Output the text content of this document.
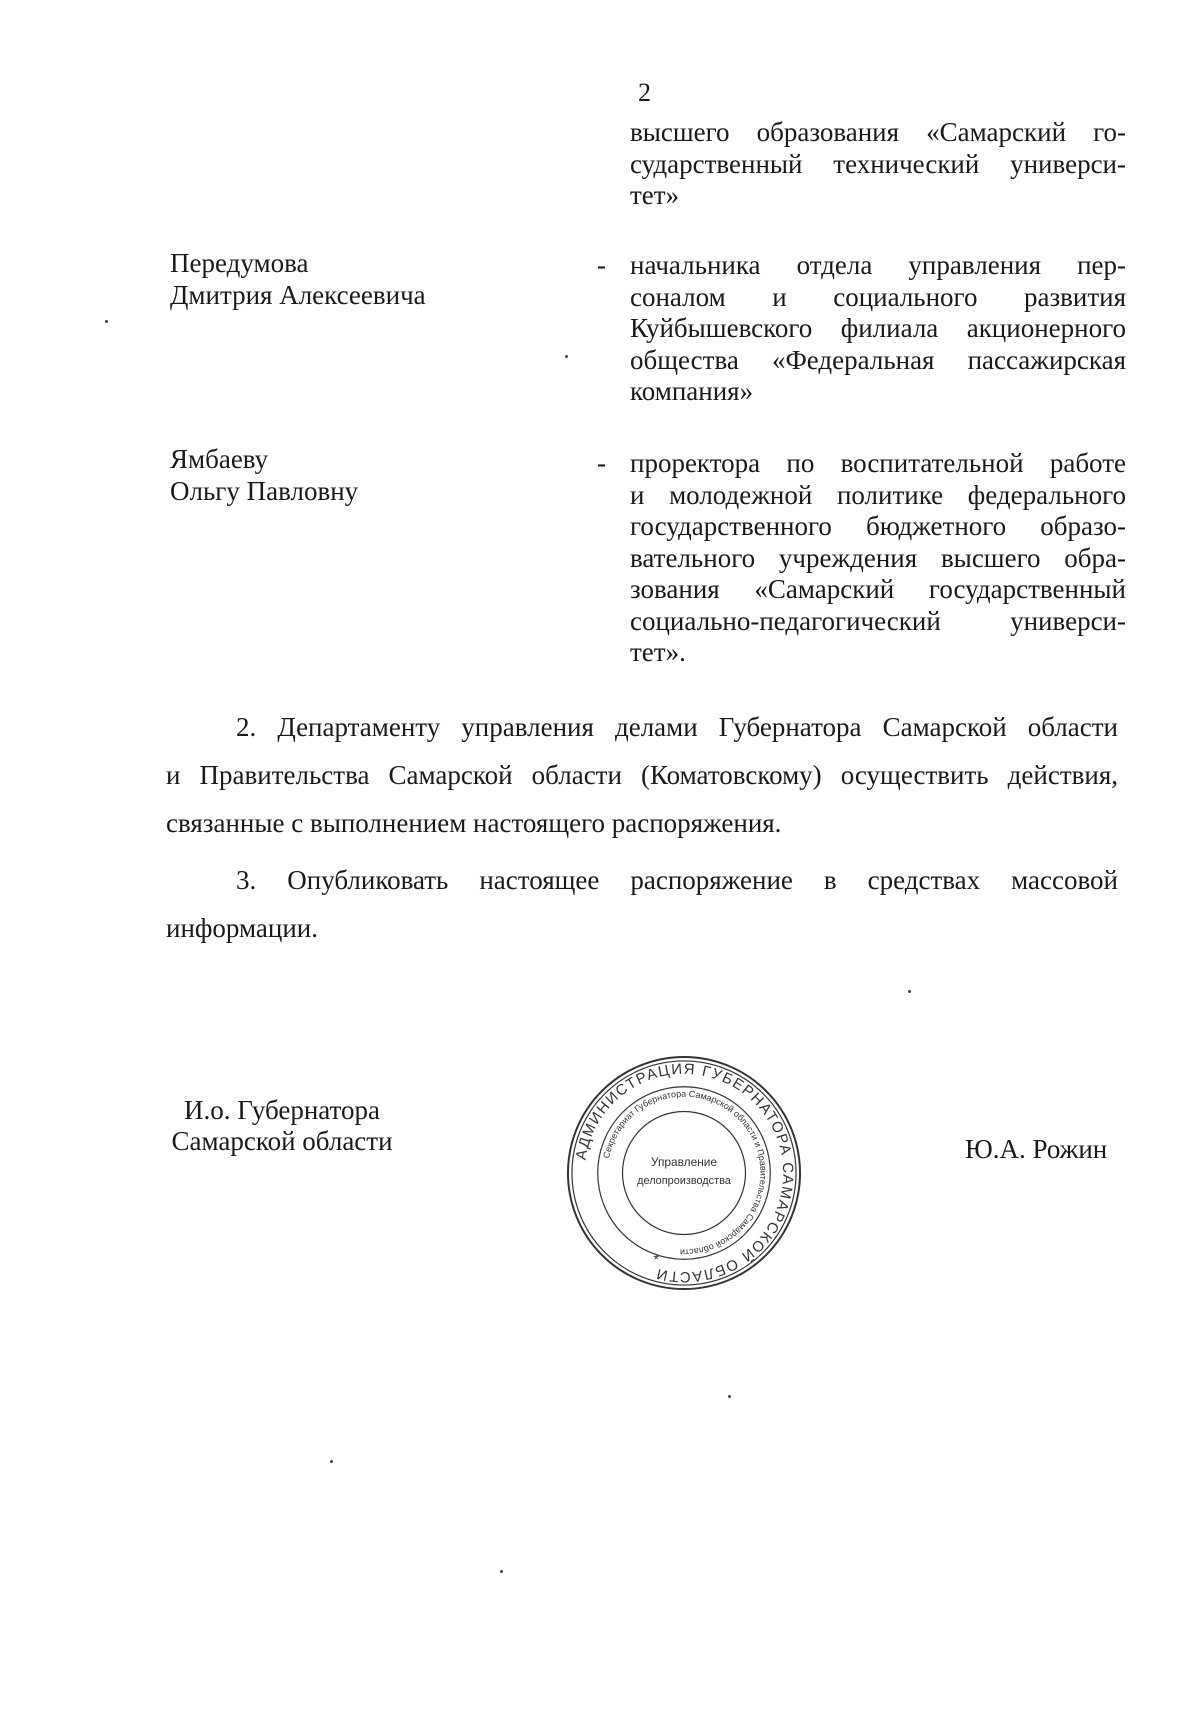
2
высшего образования «Самарский го-
сударственный технический универси-
тет»
Передумова
Дмитрия Алексеевича
- начальника отдела управления пер-
соналом и социального развития
Куйбышевского филиала акционерного
общества «Федеральная пассажирская
компания»
Ямбаеву
Ольгу Павловну
- проректора по воспитательной работе
и молодежной политике федерального
государственного бюджетного образо-
вательного учреждения высшего обра-
зования «Самарский государственный
социально-педагогический универси-
тет».
2. Департаменту управления делами Губернатора Самарской области
и Правительства Самарской области (Коматовскому) осуществить действия,
связанные с выполнением настоящего распоряжения.
3. Опубликовать настоящее распоряжение в средствах массовой
информации.
И.о. Губернатора
Самарской области	Ю.А. Рожин
АДМИНИСТРАЦИЯ ГУБЕРНАТОРА САМАРСКОЙ ОБЛАСТИ
Секретариат Губернатора Самарской области и Правительства Самарской области
Управление
делопроизводства
*
